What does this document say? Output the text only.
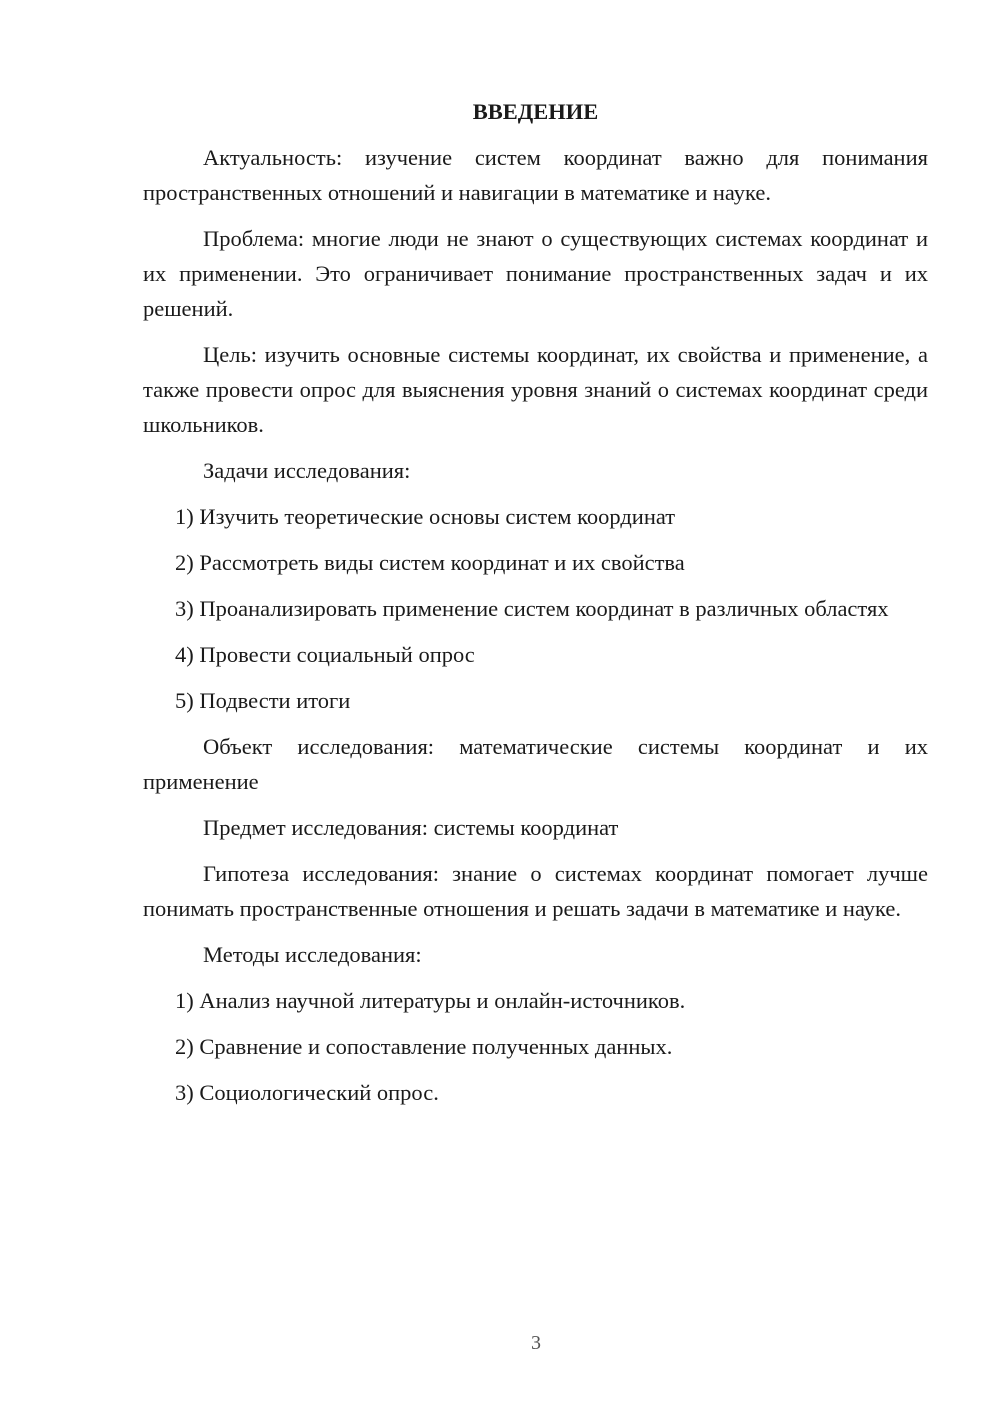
ВВЕДЕНИЕ

Актуальность: изучение систем координат важно для понимания пространственных отношений и навигации в математике и науке.

Проблема: многие люди не знают о существующих системах координат и их применении. Это ограничивает понимание пространственных задач и их решений.

Цель: изучить основные системы координат, их свойства и применение, а также провести опрос для выяснения уровня знаний о системах координат среди школьников.

Задачи исследования:

1) Изучить теоретические основы систем координат

2) Рассмотреть виды систем координат и их свойства

3) Проанализировать применение систем координат в различных областях

4) Провести социальный опрос

5) Подвести итоги

Объект исследования: математические системы координат и их применение

Предмет исследования: системы координат

Гипотеза исследования: знание о системах координат помогает лучше понимать пространственные отношения и решать задачи в математике и науке.

Методы исследования:

1) Анализ научной литературы и онлайн-источников.

2) Сравнение и сопоставление полученных данных.

3) Социологический опрос.

3
